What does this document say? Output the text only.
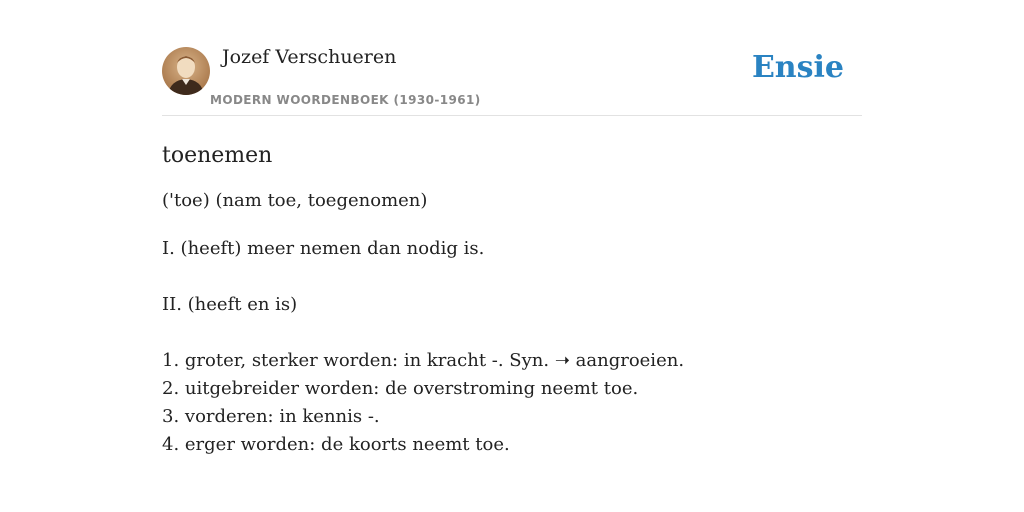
Jozef Verschueren
MODERN WOORDENBOEK (1930-1961)
Ensie
toenemen
('toe) (nam toe, toegenomen)
I. (heeft) meer nemen dan nodig is.
II. (heeft en is)
1. groter, sterker worden: in kracht -. Syn. ➝ aangroeien.
2. uitgebreider worden: de overstroming neemt toe.
3. vorderen: in kennis -.
4. erger worden: de koorts neemt toe.
